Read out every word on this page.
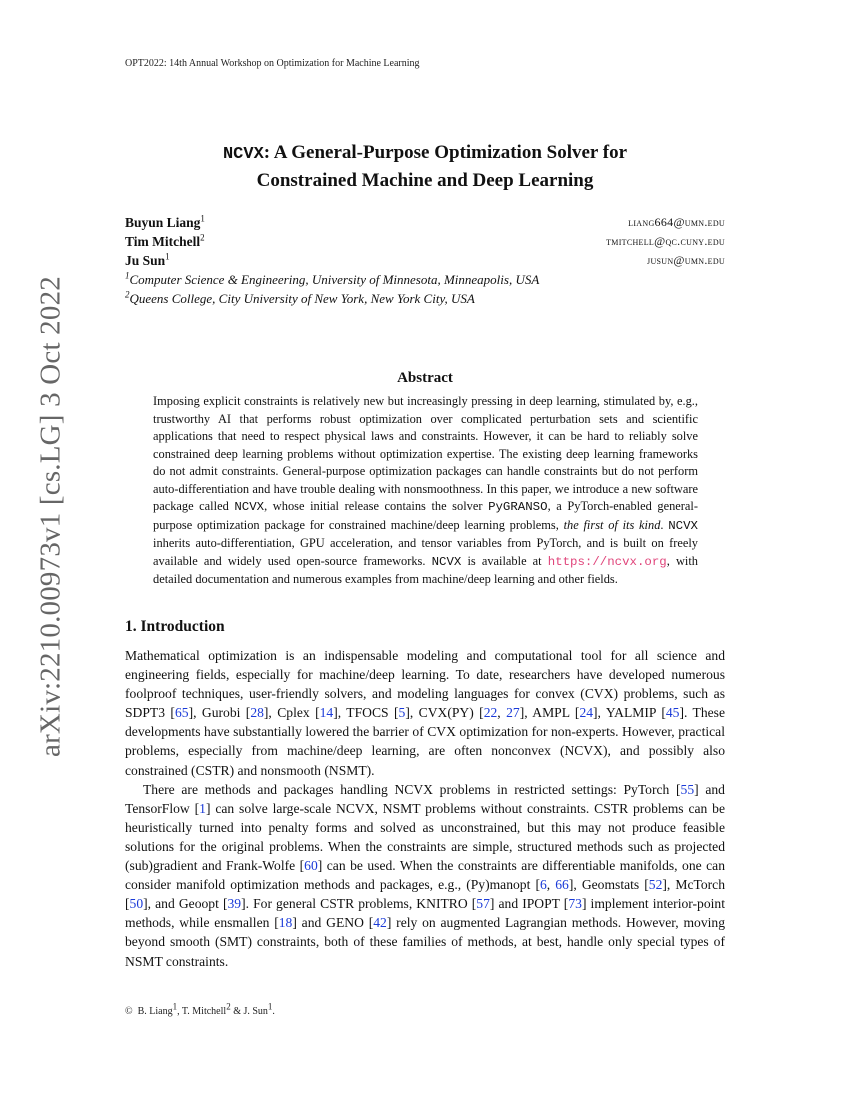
arXiv:2210.00973v1 [cs.LG] 3 Oct 2022
OPT2022: 14th Annual Workshop on Optimization for Machine Learning
NCVX: A General-Purpose Optimization Solver for
Constrained Machine and Deep Learning
Buyun Liang$^1$	liang664@umn.edu
Tim Mitchell$^2$	tmitchell@qc.cuny.edu
Ju Sun$^1$	jusun@umn.edu
$^1$Computer Science & Engineering, University of Minnesota, Minneapolis, USA
$^2$Queens College, City University of New York, New York City, USA
Abstract
Imposing explicit constraints is relatively new but increasingly pressing in deep learning, stimulated by, e.g., trustworthy AI that performs robust optimization over complicated perturbation sets and scientific applications that need to respect physical laws and constraints. However, it can be hard to reliably solve constrained deep learning problems without optimization expertise. The existing deep learning frameworks do not admit constraints. General-purpose optimization packages can handle constraints but do not perform auto-differentiation and have trouble dealing with nonsmoothness. In this paper, we introduce a new software package called NCVX, whose initial release contains the solver PyGRANSO, a PyTorch-enabled general-purpose optimization package for constrained machine/deep learning problems, the first of its kind. NCVX inherits auto-differentiation, GPU acceleration, and tensor variables from PyTorch, and is built on freely available and widely used open-source frameworks. NCVX is available at https://ncvx.org, with detailed documentation and numerous examples from machine/deep learning and other fields.
1. Introduction

Mathematical optimization is an indispensable modeling and computational tool for all science and engineering fields, especially for machine/deep learning. To date, researchers have developed numerous foolproof techniques, user-friendly solvers, and modeling languages for convex (CVX) problems, such as SDPT3 [65], Gurobi [28], Cplex [14], TFOCS [5], CVX(PY) [22, 27], AMPL [24], YALMIP [45]. These developments have substantially lowered the barrier of CVX optimization for non-experts. However, practical problems, especially from machine/deep learning, are often nonconvex (NCVX), and possibly also constrained (CSTR) and nonsmooth (NSMT).

There are methods and packages handling NCVX problems in restricted settings: PyTorch [55] and TensorFlow [1] can solve large-scale NCVX, NSMT problems without constraints. CSTR problems can be heuristically turned into penalty forms and solved as unconstrained, but this may not produce feasible solutions for the original problems. When the constraints are simple, structured methods such as projected (sub)gradient and Frank-Wolfe [60] can be used. When the constraints are differentiable manifolds, one can consider manifold optimization methods and packages, e.g., (Py)manopt [6, 66], Geomstats [52], McTorch [50], and Geoopt [39]. For general CSTR problems, KNITRO [57] and IPOPT [73] implement interior-point methods, while ensmallen [18] and GENO [42] rely on augmented Lagrangian methods. However, moving beyond smooth (SMT) constraints, both of these families of methods, at best, handle only special types of NSMT constraints.

© B. Liang$^1$, T. Mitchell$^2$ & J. Sun$^1$.
